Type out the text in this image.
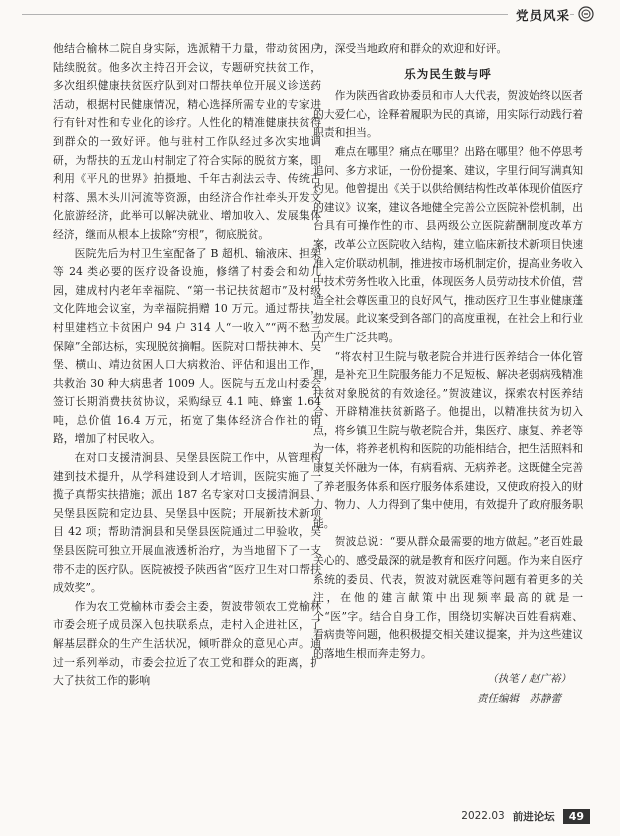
党员风采

他结合榆林二院自身实际，选派精干力量，带动贫困户陆续脱贫。他多次主持召开会议，专题研究扶贫工作，多次组织健康扶贫医疗队到对口帮扶单位开展义诊送药活动，根据村民健康情况，精心选择所需专业的专家进行有针对性和专业化的诊疗。人性化的精准健康扶贫得到群众的一致好评。他与驻村工作队经过多次实地调研，为帮扶的五龙山村制定了符合实际的脱贫方案，即利用《平凡的世界》拍摄地、千年古刹法云寺、传统古村落、黑木头川河流等资源，由经济合作社牵头开发文化旅游经济，此举可以解决就业、增加收入、发展集体经济，继而从根本上拔除“穷根”，彻底脱贫。

医院先后为村卫生室配备了 B 超机、输液床、担架等 24 类必要的医疗设备设施，修缮了村委会和幼儿园，建成村内老年幸福院、“第一书记扶贫超市”及村级文化阵地会议室，为幸福院捐赠 10 万元。通过帮扶，村里建档立卡贫困户 94 户 314 人“一收入”“两不愁三保障”全部达标，实现脱贫摘帽。医院对口帮扶神木、吴堡、横山、靖边贫困人口大病救治、评估和退出工作，共救治 30 种大病患者 1009 人。医院与五龙山村委会签订长期消费扶贫协议，采购绿豆 4.1 吨、蜂蜜 1.64 吨，总价值 16.4 万元，拓宽了集体经济合作社的销路，增加了村民收入。

在对口支援清涧县、吴堡县医院工作中，从管理构建到技术提升，从学科建设到人才培训，医院实施了一揽子真帮实扶措施；派出 187 名专家对口支援清涧县、吴堡县医院和定边县、吴堡县中医院；开展新技术新项目 42 项；帮助清涧县和吴堡县医院通过二甲验收，吴堡县医院可独立开展血液透析治疗，为当地留下了一支带不走的医疗队。医院被授予陕西省“医疗卫生对口帮扶成效奖”。

作为农工党榆林市委会主委，贺波带领农工党榆林市委会班子成员深入包扶联系点，走村入企进社区，了解基层群众的生产生活状况，倾听群众的意见心声。通过一系列举动，市委会拉近了农工党和群众的距离，扩大了扶贫工作的影响

力，深受当地政府和群众的欢迎和好评。

乐为民生鼓与呼

作为陕西省政协委员和市人大代表，贺波始终以医者的大爱仁心，诠释着履职为民的真谛，用实际行动践行着职责和担当。

难点在哪里？痛点在哪里？出路在哪里？他不停思考追问、多方求证，一份份提案、建议，字里行间写满真知灼见。他曾提出《关于以供给侧结构性改革体现价值医疗的建议》议案，建议各地健全完善公立医院补偿机制，出台具有可操作性的市、县两级公立医院薪酬制度改革方案，改革公立医院收入结构，建立临床新技术新项目快速准入定价联动机制，推进按市场机制定价，提高业务收入中技术劳务性收入比重，体现医务人员劳动技术价值，营造全社会尊医重卫的良好风气，推动医疗卫生事业健康蓬勃发展。此议案受到各部门的高度重视，在社会上和行业内产生广泛共鸣。

“将农村卫生院与敬老院合并进行医养结合一体化管理，是补充卫生院服务能力不足短板、解决老弱病残精准扶贫对象脱贫的有效途径。”贺波建议，探索农村医养结合、开辟精准扶贫新路子。他提出，以精准扶贫为切入点，将乡镇卫生院与敬老院合并，集医疗、康复、养老等为一体，将养老机构和医院的功能相结合，把生活照料和康复关怀融为一体，有病看病、无病养老。这既健全完善了养老服务体系和医疗服务体系建设，又使政府投入的财力、物力、人力得到了集中使用，有效提升了政府服务职能。

贺波总说：“要从群众最需要的地方做起。”老百姓最关心的、感受最深的就是教育和医疗问题。作为来自医疗系统的委员、代表，贺波对就医难等问题有着更多的关注，在他的建言献策中出现频率最高的就是一个“医”字。结合自身工作，围绕切实解决百姓看病难、看病贵等问题，他积极提交相关建议提案，并为这些建议的落地生根而奔走努力。

（执笔 / 赵广裕）
责任编辑　苏静蕾
2022.03 前进论坛	49
